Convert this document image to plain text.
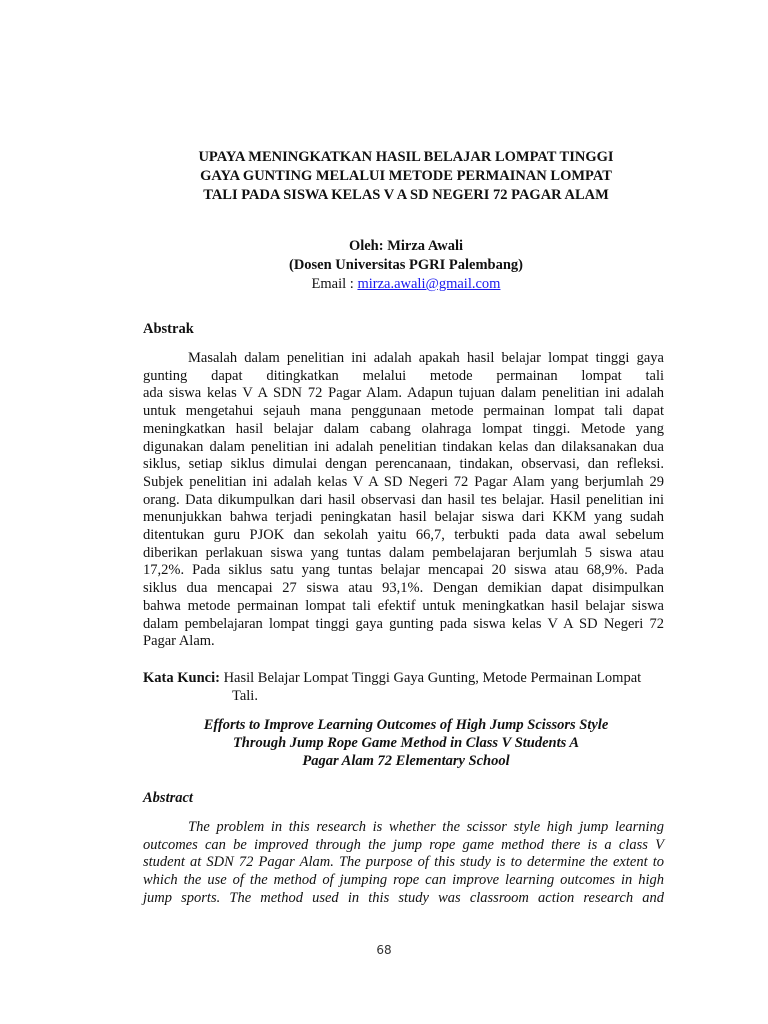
UPAYA MENINGKATKAN HASIL BELAJAR LOMPAT TINGGI
GAYA GUNTING MELALUI METODE PERMAINAN LOMPAT
TALI PADA SISWA KELAS V A SD NEGERI 72 PAGAR ALAM
Oleh: Mirza Awali
(Dosen Universitas PGRI Palembang)
Email : mirza.awali@gmail.com
Abstrak
Masalah dalam penelitian ini adalah apakah hasil belajar lompat tinggi gaya
gunting dapat ditingkatkan melalui metode permainan lompat tali
ada siswa kelas V A SDN 72 Pagar Alam. Adapun tujuan dalam penelitian ini adalah
untuk mengetahui sejauh mana penggunaan metode permainan lompat tali dapat
meningkatkan hasil belajar dalam cabang olahraga lompat tinggi. Metode yang
digunakan dalam penelitian ini adalah penelitian tindakan kelas dan dilaksanakan dua
siklus, setiap siklus dimulai dengan perencanaan, tindakan, observasi, dan refleksi.
Subjek penelitian ini adalah kelas V A SD Negeri 72 Pagar Alam yang berjumlah 29
orang. Data dikumpulkan dari hasil observasi dan hasil tes belajar. Hasil penelitian ini
menunjukkan bahwa terjadi peningkatan hasil belajar siswa dari KKM yang sudah
ditentukan guru PJOK dan sekolah yaitu 66,7, terbukti pada data awal sebelum
diberikan perlakuan siswa yang tuntas dalam pembelajaran berjumlah 5 siswa atau
17,2%. Pada siklus satu yang tuntas belajar mencapai 20 siswa atau 68,9%. Pada
siklus dua mencapai 27 siswa atau 93,1%. Dengan demikian dapat disimpulkan
bahwa metode permainan lompat tali efektif untuk meningkatkan hasil belajar siswa
dalam pembelajaran lompat tinggi gaya gunting pada siswa kelas V A SD Negeri 72
Pagar Alam.
Kata Kunci: Hasil Belajar Lompat Tinggi Gaya Gunting, Metode Permainan Lompat
Tali.
Efforts to Improve Learning Outcomes of High Jump Scissors Style
Through Jump Rope Game Method in Class V Students A
Pagar Alam 72 Elementary School
Abstract
The problem in this research is whether the scissor style high jump learning
outcomes can be improved through the jump rope game method there is a class V
student at SDN 72 Pagar Alam. The purpose of this study is to determine the extent to
which the use of the method of jumping rope can improve learning outcomes in high
jump sports. The method used in this study was classroom action research and
68
